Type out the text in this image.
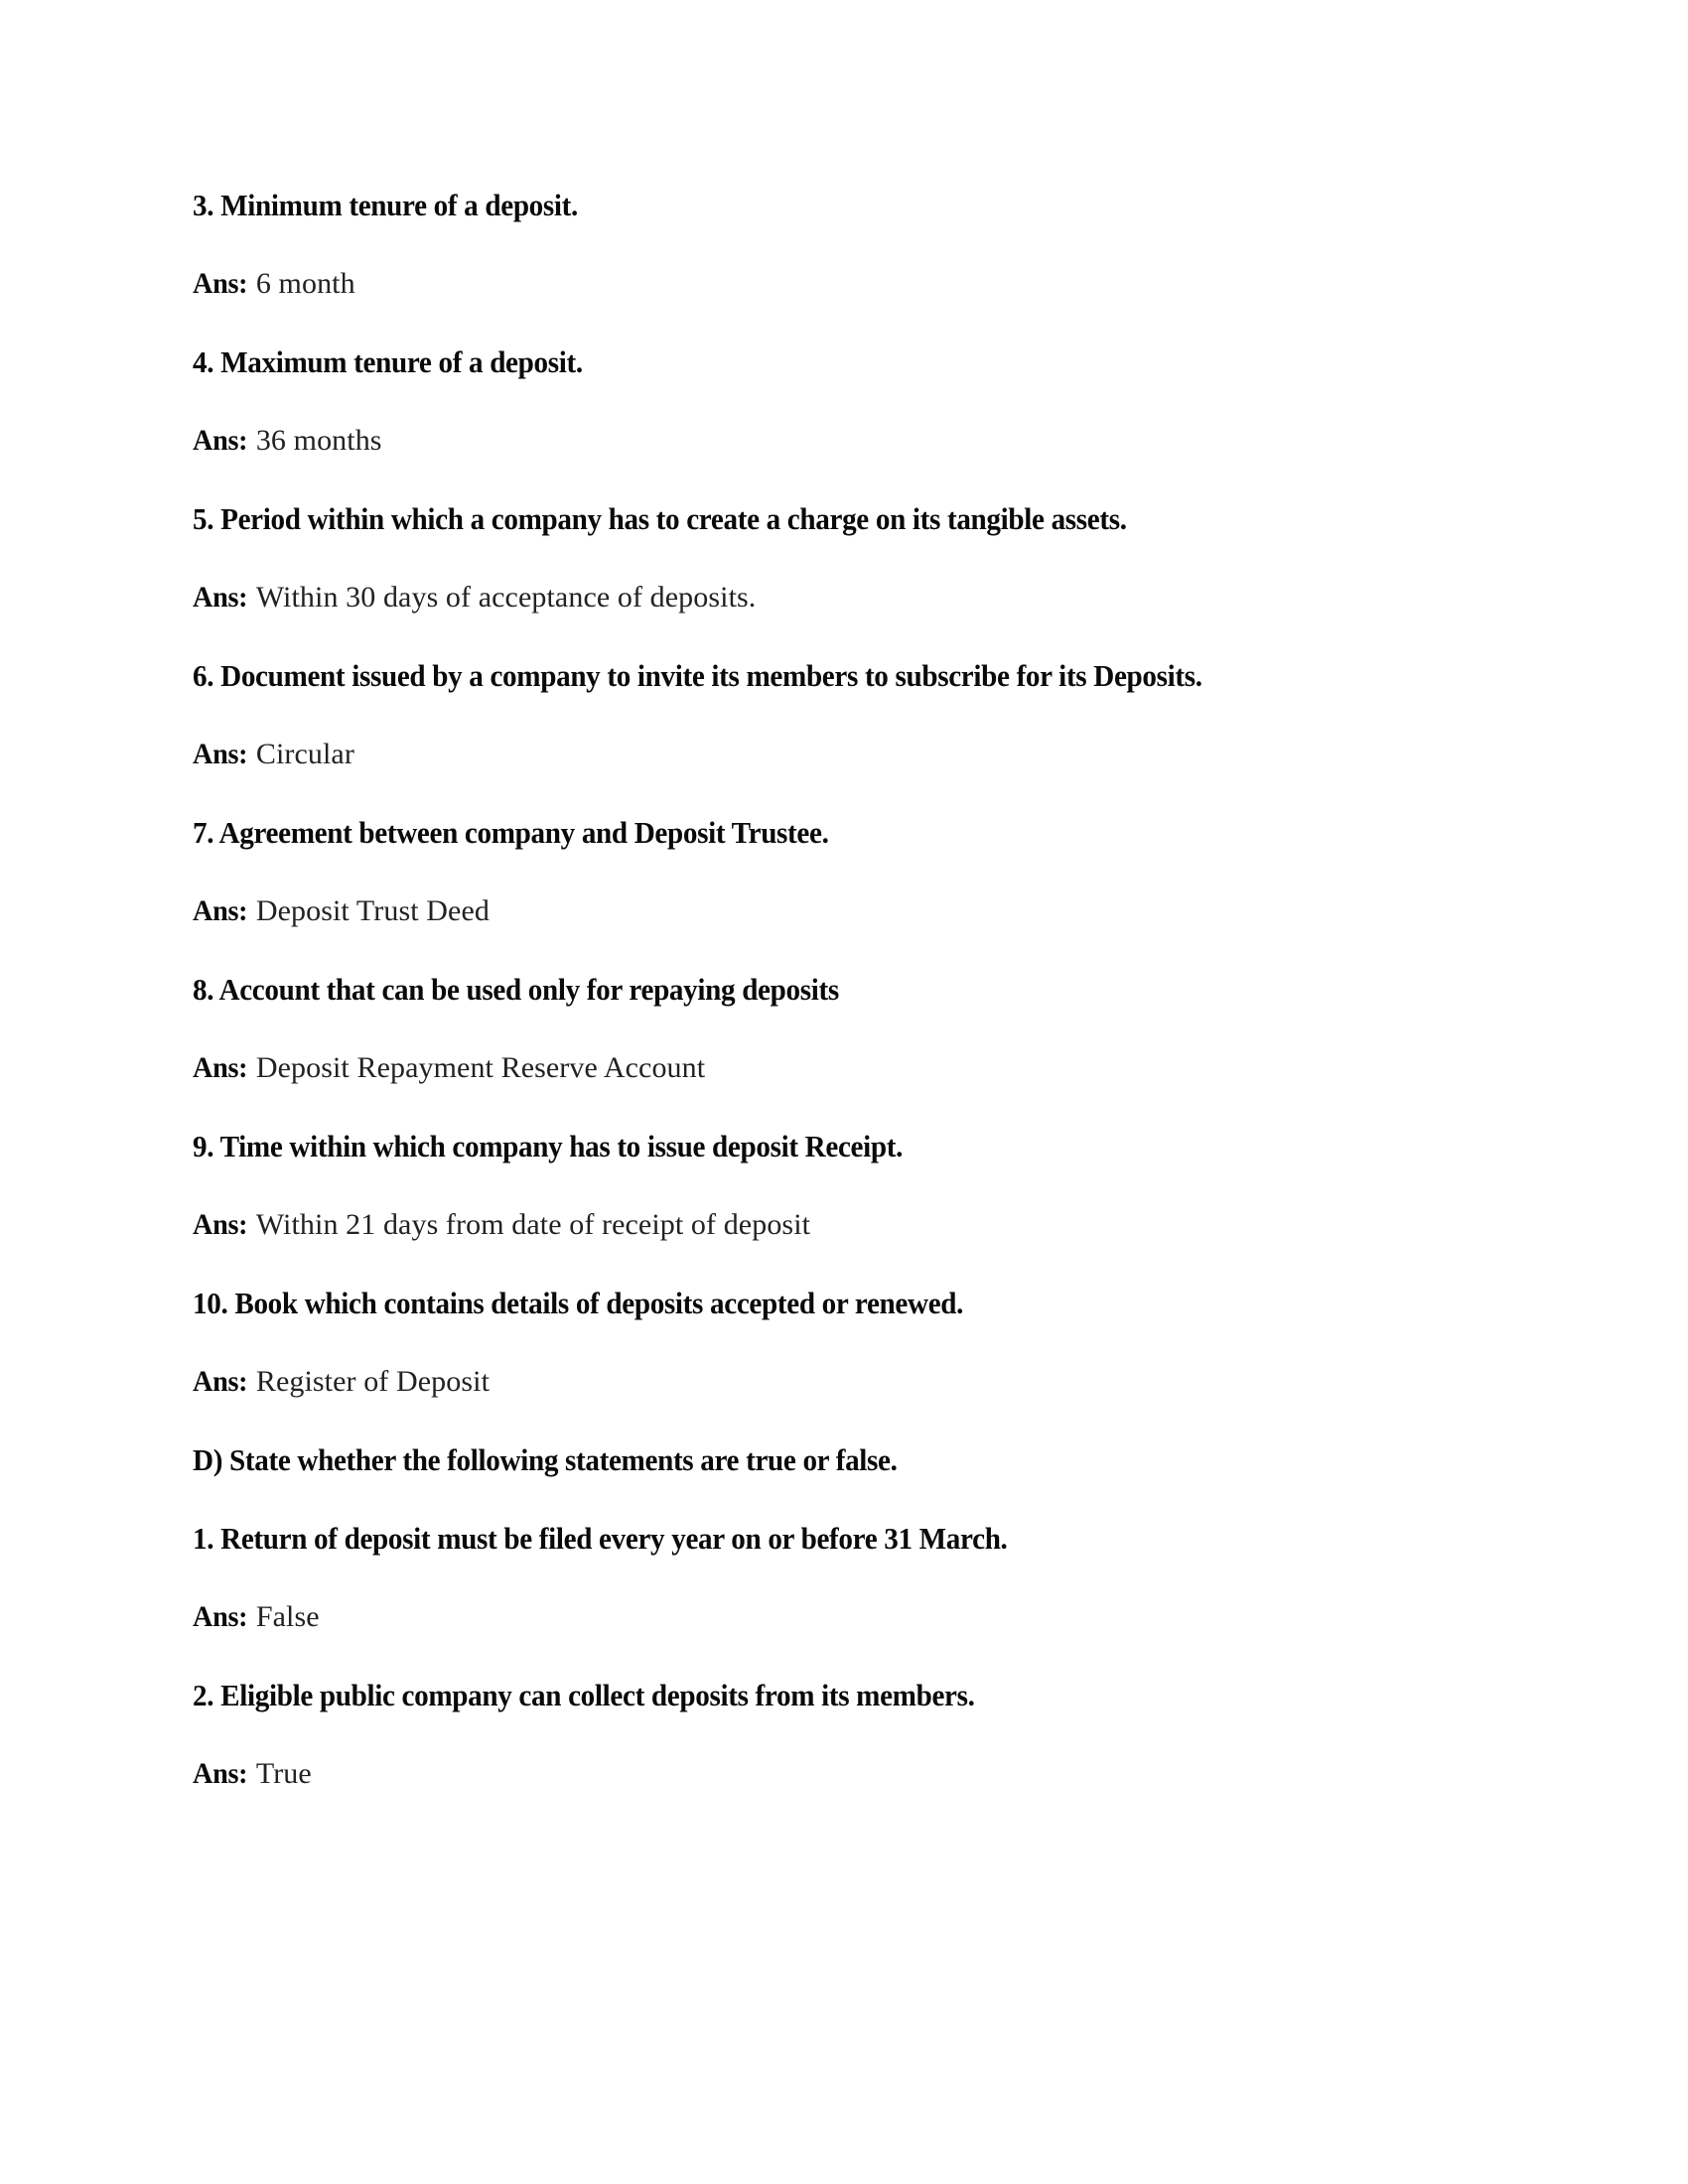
3. Minimum tenure of a deposit.
Ans: 6 month
4. Maximum tenure of a deposit.
Ans: 36 months
5. Period within which a company has to create a charge on its tangible assets.
Ans: Within 30 days of acceptance of deposits.
6. Document issued by a company to invite its members to subscribe for its Deposits.
Ans: Circular
7. Agreement between company and Deposit Trustee.
Ans: Deposit Trust Deed
8. Account that can be used only for repaying deposits
Ans: Deposit Repayment Reserve Account
9. Time within which company has to issue deposit Receipt.
Ans: Within 21 days from date of receipt of deposit
10. Book which contains details of deposits accepted or renewed.
Ans: Register of Deposit
D) State whether the following statements are true or false.
1. Return of deposit must be filed every year on or before 31 March.
Ans: False
2. Eligible public company can collect deposits from its members.
Ans: True
